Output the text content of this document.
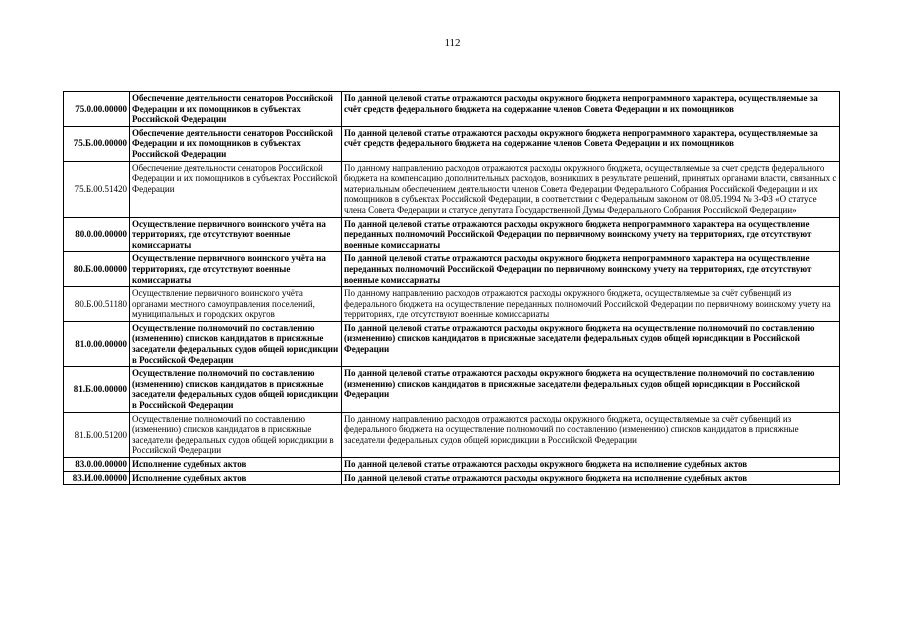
112
75.0.00.00000	Обеспечение деятельности сенаторов Российской Федерации и их помощников в субъектах Российской Федерации	По данной целевой статье отражаются расходы окружного бюджета непрограммного характера, осуществляемые за счёт средств федерального бюджета на содержание членов Совета Федерации и их помощников
75.Б.00.00000	Обеспечение деятельности сенаторов Российской Федерации и их помощников в субъектах Российской Федерации	По данной целевой статье отражаются расходы окружного бюджета непрограммного характера, осуществляемые за счёт средств федерального бюджета на содержание членов Совета Федерации и их помощников
75.Б.00.51420	Обеспечение деятельности сенаторов Российской Федерации и их помощников в субъектах Российской Федерации	По данному направлению расходов отражаются расходы окружного бюджета, осуществляемые за счет средств федерального бюджета на компенсацию дополнительных расходов, возникших в результате решений, принятых органами власти, связанных с материальным обеспечением деятельности членов Совета Федерации Федерального Собрания Российской Федерации и их помощников в субъектах Российской Федерации, в соответствии с Федеральным законом от 08.05.1994 № 3-ФЗ «О статусе члена Совета Федерации и статусе депутата Государственной Думы Федерального Собрания Российской Федерации»
80.0.00.00000	Осуществление первичного воинского учёта на территориях, где отсутствуют военные комиссариаты	По данной целевой статье отражаются расходы окружного бюджета непрограммного характера на осуществление переданных полномочий Российской Федерации по первичному воинскому учету на территориях, где отсутствуют военные комиссариаты
80.Б.00.00000	Осуществление первичного воинского учёта на территориях, где отсутствуют военные комиссариаты	По данной целевой статье отражаются расходы окружного бюджета непрограммного характера на осуществление переданных полномочий Российской Федерации по первичному воинскому учету на территориях, где отсутствуют военные комиссариаты
80.Б.00.51180	Осуществление первичного воинского учёта органами местного самоуправления поселений, муниципальных и городских округов	По данному направлению расходов отражаются расходы окружного бюджета, осуществляемые за счёт субвенций из федерального бюджета на осуществление переданных полномочий Российской Федерации по первичному воинскому учету на территориях, где отсутствуют военные комиссариаты
81.0.00.00000	Осуществление полномочий по составлению (изменению) списков кандидатов в присяжные заседатели федеральных судов общей юрисдикции в Российской Федерации	По данной целевой статье отражаются расходы окружного бюджета на осуществление полномочий по составлению (изменению) списков кандидатов в присяжные заседатели федеральных судов общей юрисдикции в Российской Федерации
81.Б.00.00000	Осуществление полномочий по составлению (изменению) списков кандидатов в присяжные заседатели федеральных судов общей юрисдикции в Российской Федерации	По данной целевой статье отражаются расходы окружного бюджета на осуществление полномочий по составлению (изменению) списков кандидатов в присяжные заседатели федеральных судов общей юрисдикции в Российской Федерации
81.Б.00.51200	Осуществление полномочий по составлению (изменению) списков кандидатов в присяжные заседатели федеральных судов общей юрисдикции в Российской Федерации	По данному направлению расходов отражаются расходы окружного бюджета, осуществляемые за счёт субвенций из федерального бюджета на осуществление полномочий по составлению (изменению) списков кандидатов в присяжные заседатели федеральных судов общей юрисдикции в Российской Федерации
83.0.00.00000	Исполнение судебных актов	По данной целевой статье отражаются расходы окружного бюджета на исполнение судебных актов
83.И.00.00000	Исполнение судебных актов	По данной целевой статье отражаются расходы окружного бюджета на исполнение судебных актов
